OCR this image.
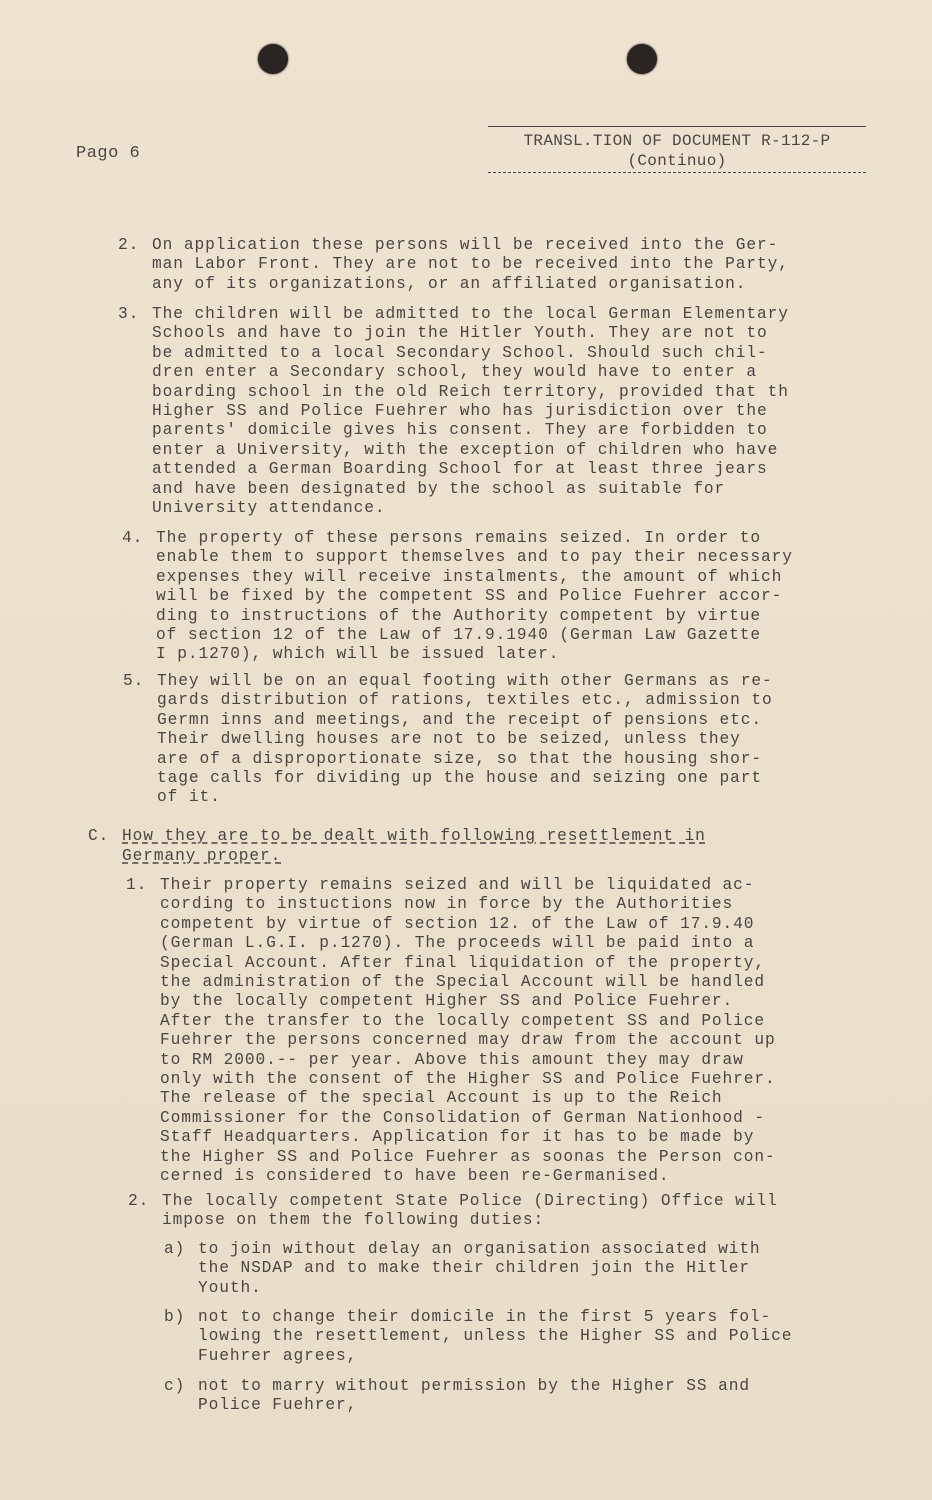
Pago 6
TRANSL.TION OF DOCUMENT R-112-P
(Continuo)
2. On application these persons will be received into the Ger-
man Labor Front. They are not to be received into the Party,
any of its organizations, or an affiliated organisation.
3. The children will be admitted to the local German Elementary
Schools and have to join the Hitler Youth. They are not to
be admitted to a local Secondary School. Should such chil-
dren enter a Secondary school, they would have to enter a
boarding school in the old Reich territory, provided that th
Higher SS and Police Fuehrer who has jurisdiction over the
parents' domicile gives his consent. They are forbidden to
enter a University, with the exception of children who have
attended a German Boarding School for at least three jears
and have been designated by the school as suitable for
University attendance.
4. The property of these persons remains seized. In order to
enable them to support themselves and to pay their necessary
expenses they will receive instalments, the amount of which
will be fixed by the competent SS and Police Fuehrer accor-
ding to instructions of the Authority competent by virtue
of section 12 of the Law of 17.9.1940 (German Law Gazette
I p.1270), which will be issued later.
5. They will be on an equal footing with other Germans as re-
gards distribution of rations, textiles etc., admission to
Germn inns and meetings, and the receipt of pensions etc.
Their dwelling houses are not to be seized, unless they
are of a disproportionate size, so that the housing shor-
tage calls for dividing up the house and seizing one part
of it.
C. How they are to be dealt with following resettlement in
Germany proper.
1. Their property remains seized and will be liquidated ac-
cording to instuctions now in force by the Authorities
competent by virtue of section 12. of the Law of 17.9.40
(German L.G.I. p.1270). The proceeds will be paid into a
Special Account. After final liquidation of the property,
the administration of the Special Account will be handled
by the locally competent Higher SS and Police Fuehrer.
After the transfer to the locally competent SS and Police
Fuehrer the persons concerned may draw from the account up
to RM 2000.-- per year. Above this amount they may draw
only with the consent of the Higher SS and Police Fuehrer.
The release of the special Account is up to the Reich
Commissioner for the Consolidation of German Nationhood -
Staff Headquarters. Application for it has to be made by
the Higher SS and Police Fuehrer as soonas the Person con-
cerned is considered to have been re-Germanised.
2. The locally competent State Police (Directing) Office will
impose on them the following duties:
a) to join without delay an organisation associated with
the NSDAP and to make their children join the Hitler
Youth.
b) not to change their domicile in the first 5 years fol-
lowing the resettlement, unless the Higher SS and Police
Fuehrer agrees,
c) not to marry without permission by the Higher SS and
Police Fuehrer,
